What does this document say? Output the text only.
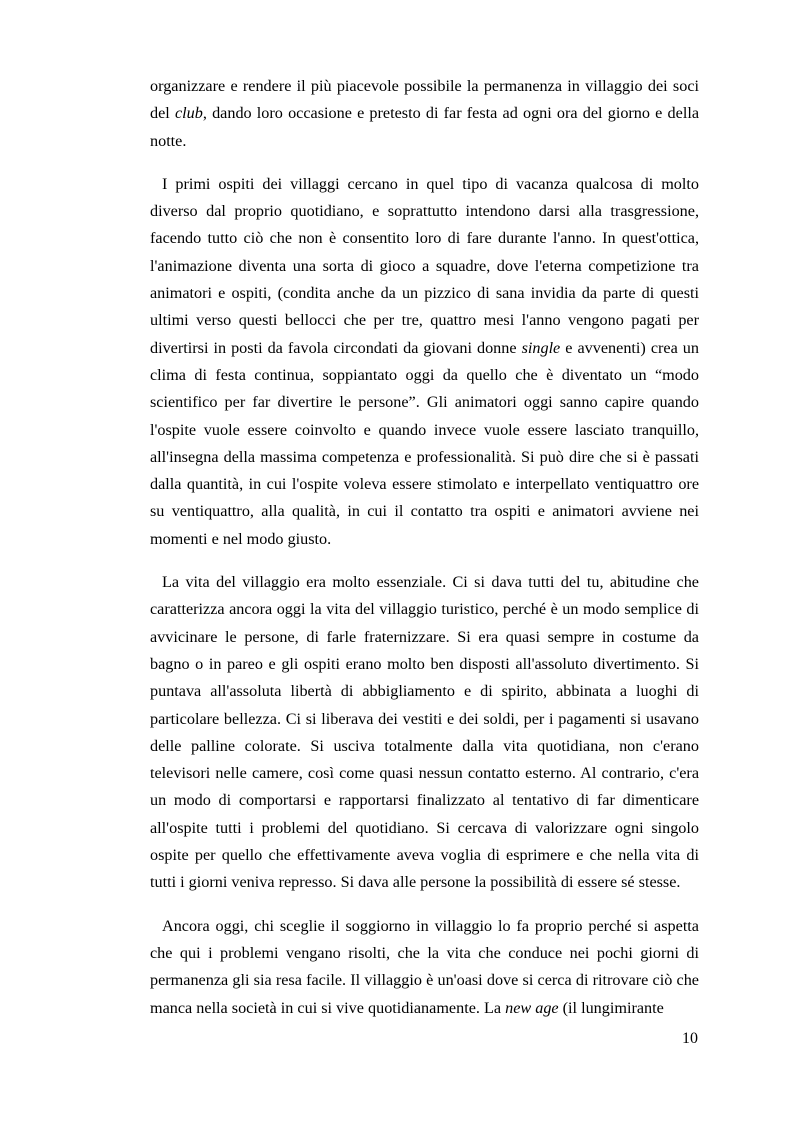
organizzare e rendere il più piacevole possibile la permanenza in villaggio dei soci del club, dando loro occasione e pretesto di far festa ad ogni ora del giorno e della notte.

I primi ospiti dei villaggi cercano in quel tipo di vacanza qualcosa di molto diverso dal proprio quotidiano, e soprattutto intendono darsi alla trasgressione, facendo tutto ciò che non è consentito loro di fare durante l'anno. In quest'ottica, l'animazione diventa una sorta di gioco a squadre, dove l'eterna competizione tra animatori e ospiti, (condita anche da un pizzico di sana invidia da parte di questi ultimi verso questi bellocci che per tre, quattro mesi l'anno vengono pagati per divertirsi in posti da favola circondati da giovani donne single e avvenenti) crea un clima di festa continua, soppiantato oggi da quello che è diventato un “modo scientifico per far divertire le persone”. Gli animatori oggi sanno capire quando l'ospite vuole essere coinvolto e quando invece vuole essere lasciato tranquillo, all'insegna della massima competenza e professionalità. Si può dire che si è passati dalla quantità, in cui l'ospite voleva essere stimolato e interpellato ventiquattro ore su ventiquattro, alla qualità, in cui il contatto tra ospiti e animatori avviene nei momenti e nel modo giusto.

La vita del villaggio era molto essenziale. Ci si dava tutti del tu, abitudine che caratterizza ancora oggi la vita del villaggio turistico, perché è un modo semplice di avvicinare le persone, di farle fraternizzare. Si era quasi sempre in costume da bagno o in pareo e gli ospiti erano molto ben disposti all'assoluto divertimento. Si puntava all'assoluta libertà di abbigliamento e di spirito, abbinata a luoghi di particolare bellezza. Ci si liberava dei vestiti e dei soldi, per i pagamenti si usavano delle palline colorate. Si usciva totalmente dalla vita quotidiana, non c'erano televisori nelle camere, così come quasi nessun contatto esterno. Al contrario, c'era un modo di comportarsi e rapportarsi finalizzato al tentativo di far dimenticare all'ospite tutti i problemi del quotidiano. Si cercava di valorizzare ogni singolo ospite per quello che effettivamente aveva voglia di esprimere e che nella vita di tutti i giorni veniva represso. Si dava alle persone la possibilità di essere sé stesse.

Ancora oggi, chi sceglie il soggiorno in villaggio lo fa proprio perché si aspetta che qui i problemi vengano risolti, che la vita che conduce nei pochi giorni di permanenza gli sia resa facile. Il villaggio è un'oasi dove si cerca di ritrovare ciò che manca nella società in cui si vive quotidianamente. La new age (il lungimirante

10
